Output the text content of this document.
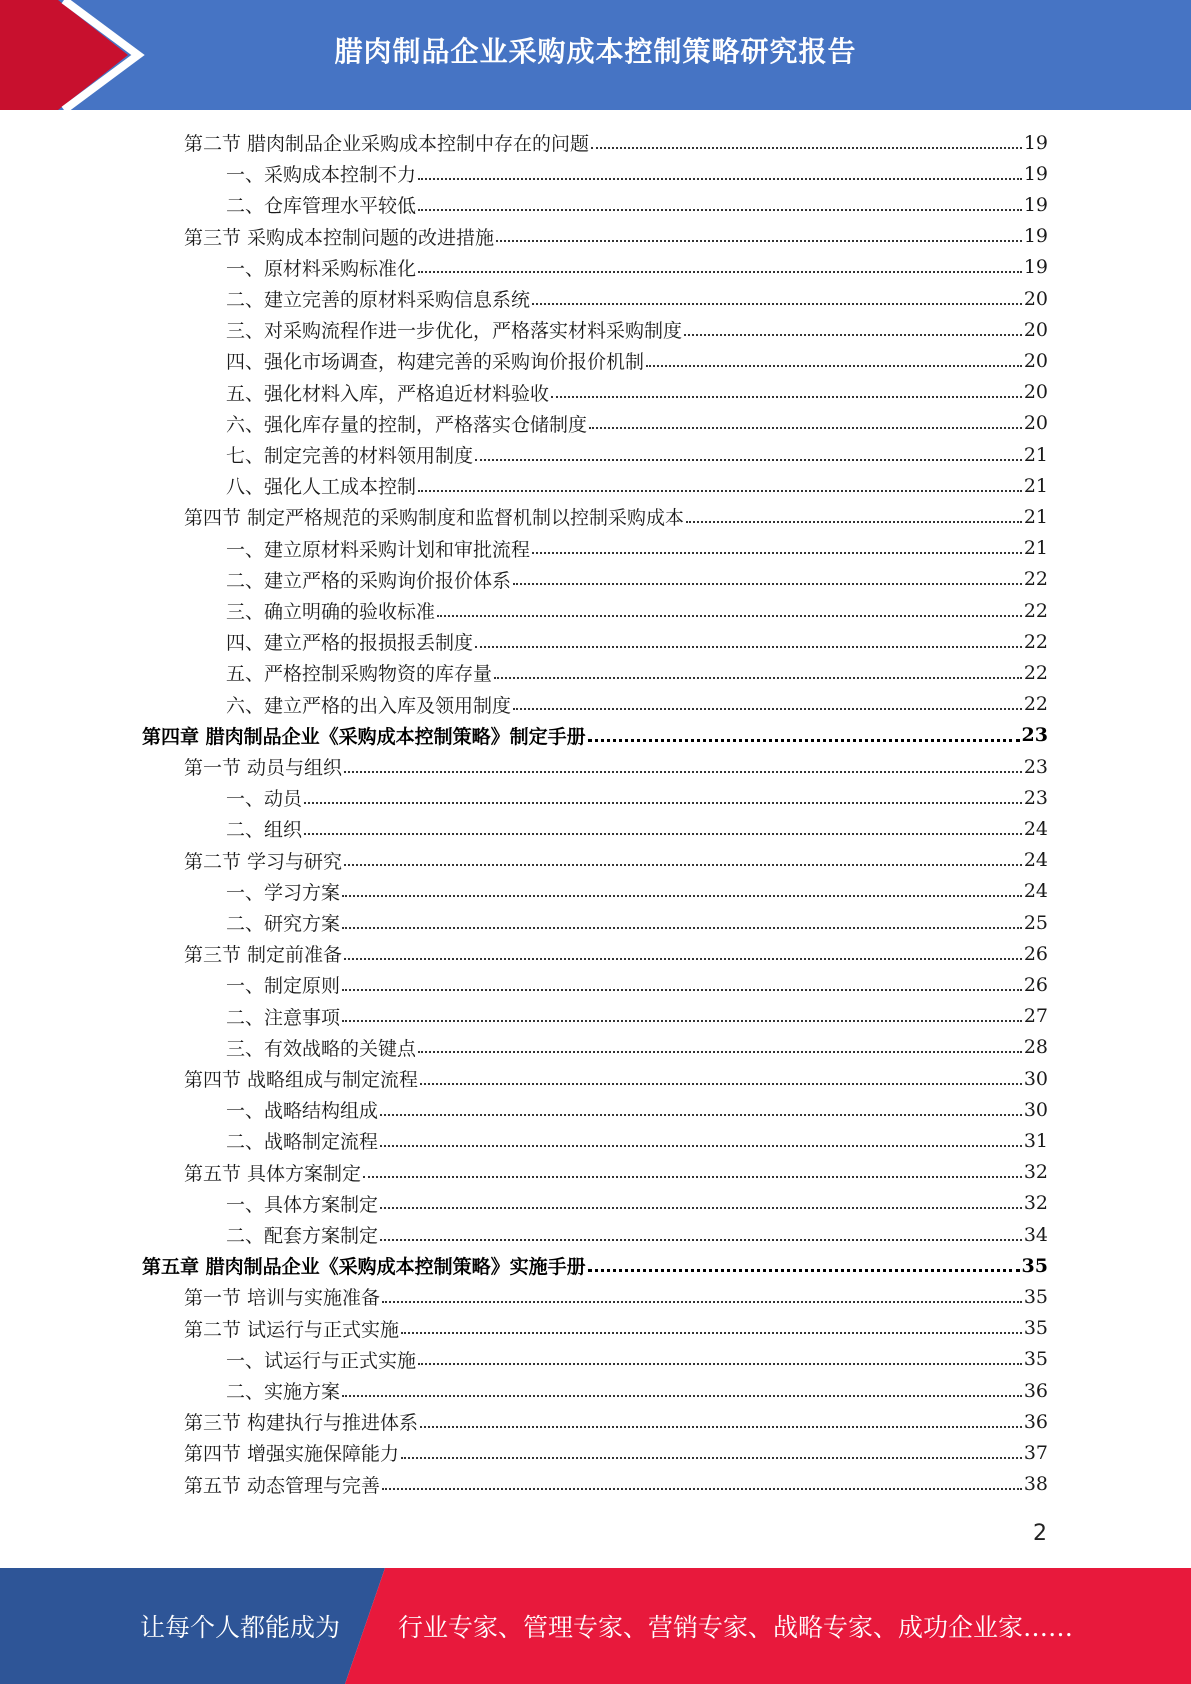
腊肉制品企业采购成本控制策略研究报告
第二节 腊肉制品企业采购成本控制中存在的问题	19
一、采购成本控制不力	19
二、仓库管理水平较低	19
第三节 采购成本控制问题的改进措施	19
一、原材料采购标准化	19
二、建立完善的原材料采购信息系统	20
三、对采购流程作进一步优化，严格落实材料采购制度	20
四、强化市场调查，构建完善的采购询价报价机制	20
五、强化材料入库，严格追近材料验收	20
六、强化库存量的控制，严格落实仓储制度	20
七、制定完善的材料领用制度	21
八、强化人工成本控制	21
第四节 制定严格规范的采购制度和监督机制以控制采购成本	21
一、建立原材料采购计划和审批流程	21
二、建立严格的采购询价报价体系	22
三、确立明确的验收标准	22
四、建立严格的报损报丢制度	22
五、严格控制采购物资的库存量	22
六、建立严格的出入库及领用制度	22
第四章 腊肉制品企业《采购成本控制策略》制定手册	23
第一节 动员与组织	23
一、动员	23
二、组织	24
第二节 学习与研究	24
一、学习方案	24
二、研究方案	25
第三节 制定前准备	26
一、制定原则	26
二、注意事项	27
三、有效战略的关键点	28
第四节 战略组成与制定流程	30
一、战略结构组成	30
二、战略制定流程	31
第五节 具体方案制定	32
一、具体方案制定	32
二、配套方案制定	34
第五章 腊肉制品企业《采购成本控制策略》实施手册	35
第一节 培训与实施准备	35
第二节 试运行与正式实施	35
一、试运行与正式实施	35
二、实施方案	36
第三节 构建执行与推进体系	36
第四节 增强实施保障能力	37
第五节 动态管理与完善	38
2
让每个人都能成为 行业专家、管理专家、营销专家、战略专家、成功企业家……
